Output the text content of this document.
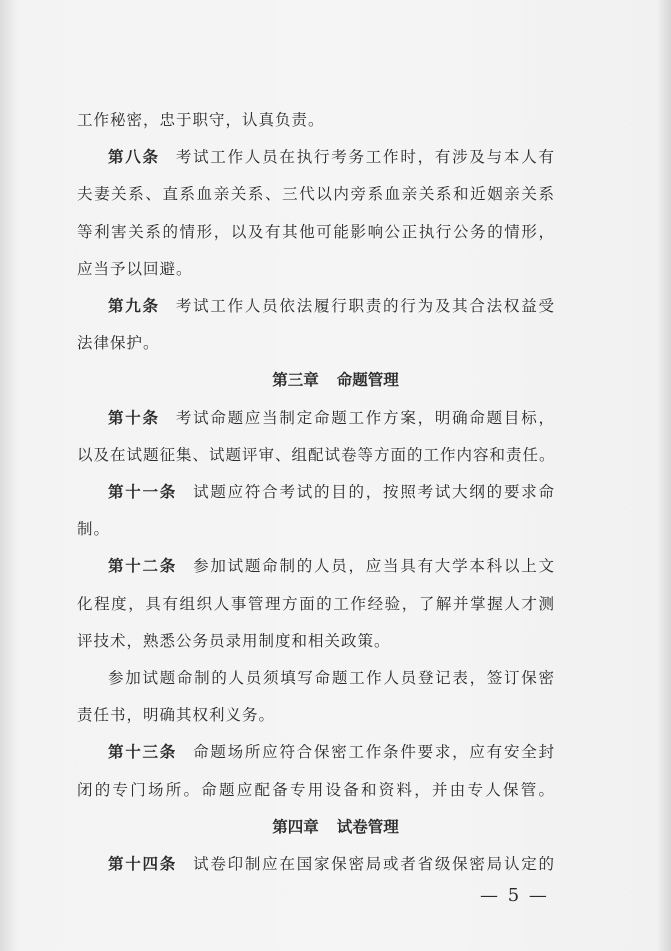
工作秘密，忠于职守，认真负责。
第八条 考试工作人员在执行考务工作时，有涉及与本人有
夫妻关系、直系血亲关系、三代以内旁系血亲关系和近姻亲关系
等利害关系的情形，以及有其他可能影响公正执行公务的情形，
应当予以回避。
第九条 考试工作人员依法履行职责的行为及其合法权益受
法律保护。
第三章 命题管理
第十条 考试命题应当制定命题工作方案，明确命题目标，
以及在试题征集、试题评审、组配试卷等方面的工作内容和责任。
第十一条 试题应符合考试的目的，按照考试大纲的要求命
制。
第十二条 参加试题命制的人员，应当具有大学本科以上文
化程度，具有组织人事管理方面的工作经验，了解并掌握人才测
评技术，熟悉公务员录用制度和相关政策。
参加试题命制的人员须填写命题工作人员登记表，签订保密
责任书，明确其权利义务。
第十三条 命题场所应符合保密工作条件要求，应有安全封
闭的专门场所。命题应配备专用设备和资料，并由专人保管。
第四章 试卷管理
第十四条 试卷印制应在国家保密局或者省级保密局认定的
— 5 —
